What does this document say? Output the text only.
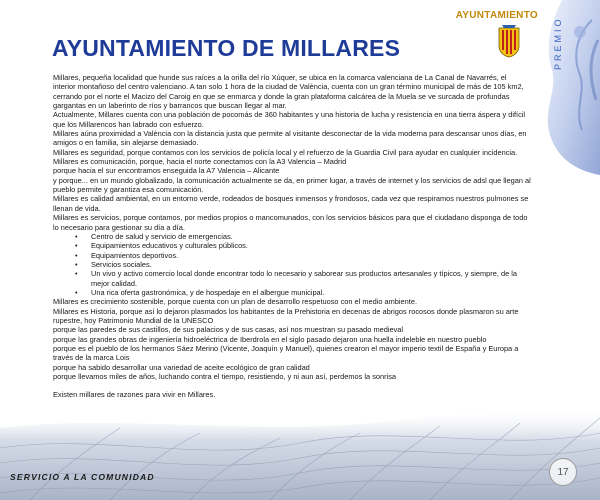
AYUNTAMIENTO
PREMIO
AYUNTAMIENTO DE MILLARES

Millares, pequeña localidad que hunde sus raíces a la orilla del río Xúquer, se ubica en la comarca valenciana de La Canal de Navarrés, el interior montañoso del centro valenciano. A tan solo 1 hora de la ciudad de València, cuenta con un gran término municipal de más de 105 km2, cerrando por el norte el Macizo del Caroig en que se enmarca y donde la gran plataforma calcárea de la Muela se ve surcada de profundas gargantas en un laberinto de ríos y barrancos que buscan llegar al mar.

Actualmente, Millares cuenta con una población de pocomás de 360 habitantes y una historia de lucha y resistencia en una tierra áspera y difícil que los Millarencos han labrado con esfuerzo.

Millares aúna proximidad a València con la distancia justa que permite al visitante desconectar de la vida moderna para descansar unos días, en amigos o en familia, sin alejarse demasiado.

Millares es seguridad, porque contamos con los servicios de policía local y el refuerzo de la Guardia Civil para ayudar en cualquier incidencia.

Millares es comunicación, porque, hacia el norte conectamos con la A3 Valencia – Madrid

porque hacia el sur encontramos enseguida la A7 Valencia – Alicante

y porque... en un mundo globalizado, la comunicación actualmente se da, en primer lugar, a través de internet y los servicios de adsl que llegan al pueblo permite y garantiza esa comunicación.

Millares es calidad ambiental, en un entorno verde, rodeados de bosques inmensos y frondosos, cada vez que respiramos nuestros pulmones se llenan de vida.

Millares es servicios, porque contamos, por medios propios o mancomunados, con los servicios básicos para que el ciudadano disponga de todo lo necesario para gestionar su día a día.

• Centro de salud y servicio de emergencias.
• Equipamientos educativos y culturales públicos.
• Equipamientos deportivos.
• Servicios sociales.
• Un vivo y activo comercio local donde encontrar todo lo necesario y saborear sus productos artesanales y típicos, y siempre, de la mejor calidad.
• Una rica oferta gastronómica, y de hospedaje en el albergue municipal.

Millares es crecimiento sostenible, porque cuenta con un plan de desarrollo respetuoso con el medio ambiente.

Millares es Historia, porque así lo dejaron plasmados los habitantes de la Prehistoria en decenas de abrigos rocosos donde plasmaron su arte rupestre, hoy Patrimonio Mundial de la UNESCO

porque las paredes de sus castillos, de sus palacios y de sus casas, así nos muestran su pasado medieval

porque las grandes obras de ingeniería hidroeléctrica de Iberdrola en el siglo pasado dejaron una huella indeleble en nuestro pueblo

porque es el pueblo de los hermanos Sáez Merino (Vicente, Joaquín y Manuel), quienes crearon el mayor imperio textil de España y Europa a través de la marca Lois

porque ha sabido desarrollar una variedad de aceite ecológico de gran calidad

porque llevamos miles de años, luchando contra el tiempo, resistiendo, y ni aun así, perdemos la sonrisa

Existen millares de razones para vivir en Millares.

SERVICIO A LA COMUNIDAD	17
